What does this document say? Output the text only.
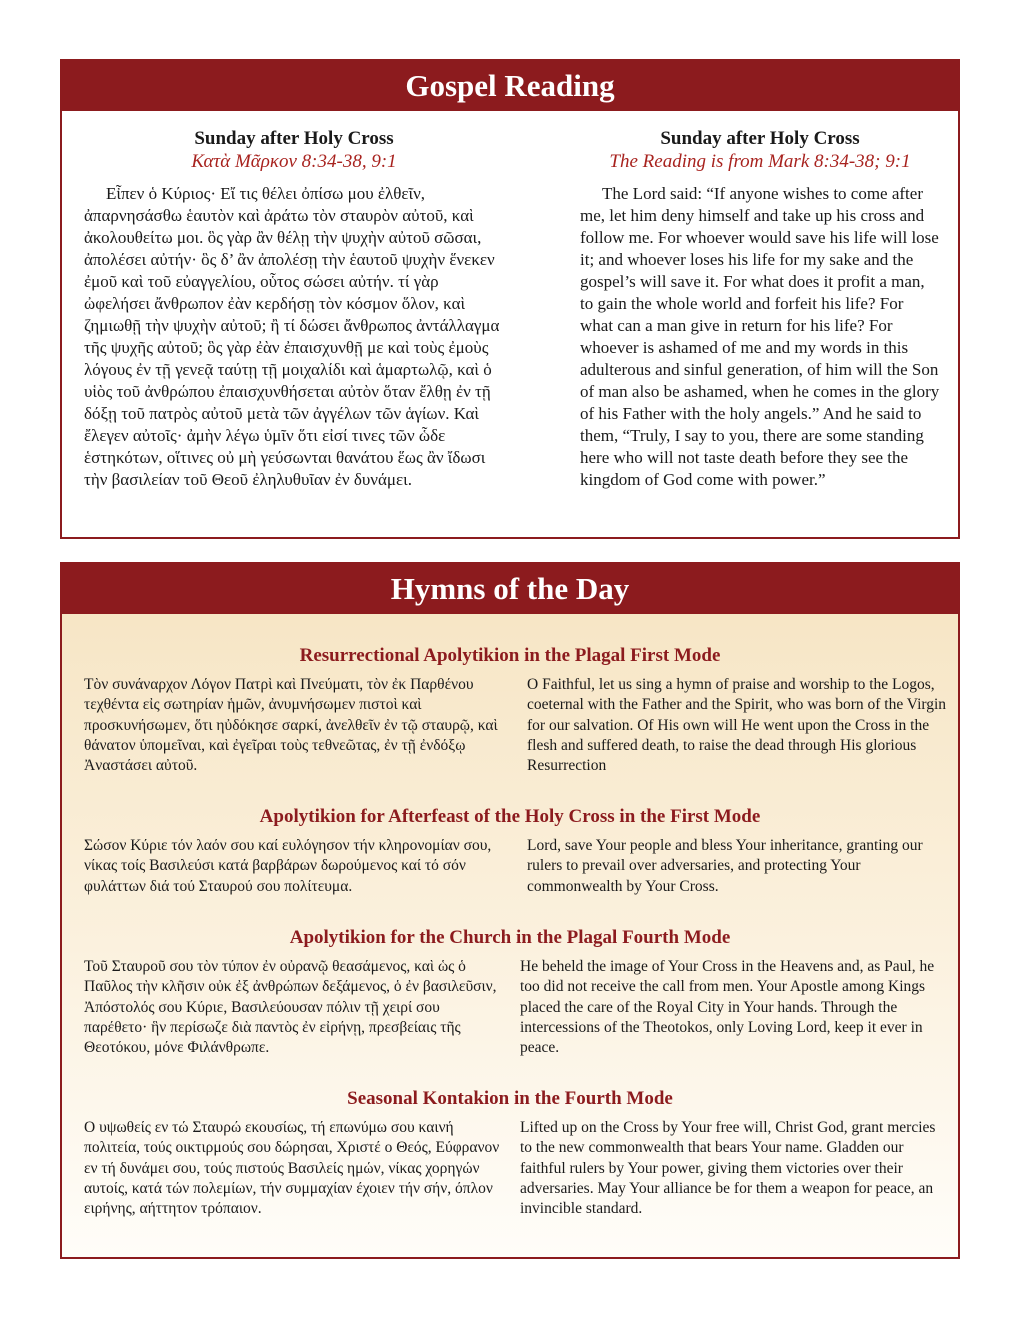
Gospel Reading
Sunday after Holy Cross
Κατὰ Μᾶρκον 8:34-38, 9:1
Εἶπεν ὁ Κύριος· Εἴ τις θέλει ὀπίσω μου ἐλθεῖν, ἀπαρνησάσθω ἑαυτὸν καὶ ἀράτω τὸν σταυρὸν αὐτοῦ, καὶ ἀκολουθείτω μοι. ὃς γὰρ ἂν θέλῃ τὴν ψυχὴν αὐτοῦ σῶσαι, ἀπολέσει αὐτήν· ὃς δ’ ἂν ἀπολέσῃ τὴν ἑαυτοῦ ψυχὴν ἕνεκεν ἐμοῦ καὶ τοῦ εὐαγγελίου, οὗτος σώσει αὐτήν. τί γὰρ ὠφελήσει ἄνθρωπον ἐὰν κερδήσῃ τὸν κόσμον ὅλον, καὶ ζημιωθῇ τὴν ψυχὴν αὐτοῦ; ἢ τί δώσει ἄνθρωπος ἀντάλλαγμα τῆς ψυχῆς αὐτοῦ; ὃς γὰρ ἐὰν ἐπαισχυνθῇ με καὶ τοὺς ἐμοὺς λόγους ἐν τῇ γενεᾷ ταύτῃ τῇ μοιχαλίδι καὶ ἁμαρτωλῷ, καὶ ὁ υἱὸς τοῦ ἀνθρώπου ἐπαισχυνθήσεται αὐτὸν ὅταν ἔλθῃ ἐν τῇ δόξῃ τοῦ πατρὸς αὐτοῦ μετὰ τῶν ἀγγέλων τῶν ἁγίων. Καὶ ἔλεγεν αὐτοῖς· ἀμὴν λέγω ὑμῖν ὅτι εἰσί τινες τῶν ὧδε ἑστηκότων, οἵτινες οὐ μὴ γεύσωνται θανάτου ἕως ἂν ἴδωσι τὴν βασιλείαν τοῦ Θεοῦ ἐληλυθυῖαν ἐν δυνάμει.
Sunday after Holy Cross
The Reading is from Mark 8:34-38; 9:1
The Lord said: “If anyone wishes to come after me, let him deny himself and take up his cross and follow me. For whoever would save his life will lose it; and whoever loses his life for my sake and the gospel’s will save it. For what does it profit a man, to gain the whole world and forfeit his life? For what can a man give in return for his life? For whoever is ashamed of me and my words in this adulterous and sinful generation, of him will the Son of man also be ashamed, when he comes in the glory of his Father with the holy angels.” And he said to them, “Truly, I say to you, there are some standing here who will not taste death before they see the kingdom of God come with power.”
Hymns of the Day
Resurrectional Apolytikion in the Plagal First Mode
Τὸν συνάναρχον Λόγον Πατρὶ καὶ Πνεύματι, τὸν ἐκ Παρθένου τεχθέντα εἰς σωτηρίαν ἡμῶν, ἀνυμνήσωμεν πιστοὶ καὶ προσκυνήσωμεν, ὅτι ηὐδόκησε σαρκί, ἀνελθεῖν ἐν τῷ σταυρῷ, καὶ θάνατον ὑπομεῖναι, καὶ ἐγεῖραι τοὺς τεθνεῶτας, ἐν τῇ ἐνδόξῳ Ἀναστάσει αὐτοῦ.
O Faithful, let us sing a hymn of praise and worship to the Logos, coeternal with the Father and the Spirit, who was born of the Virgin for our salvation. Of His own will He went upon the Cross in the flesh and suffered death, to raise the dead through His glorious Resurrection
Apolytikion for Afterfeast of the Holy Cross in the First Mode
Σώσον Κύριε τόν λαόν σου καί ευλόγησον τήν κληρονομίαν σου, νίκας τοίς Βασιλεύσι κατά βαρβάρων δωρούμενος καί τό σόν φυλάττων διά τού Σταυρού σου πολίτευμα.
Lord, save Your people and bless Your inheritance, granting our rulers to prevail over adversaries, and protecting Your commonwealth by Your Cross.
Apolytikion for the Church in the Plagal Fourth Mode
Τοῦ Σταυροῦ σου τὸν τύπον ἐν οὐρανῷ θεασάμενος, καὶ ὡς ὁ Παῦλος τὴν κλῆσιν οὐκ ἐξ ἀνθρώπων δεξάμενος, ὁ ἐν βασιλεῦσιν, Ἀπόστολός σου Κύριε, Βασιλεύουσαν πόλιν τῇ χειρί σου παρέθετο· ἣν περίσωζε διὰ παντὸς ἐν εἰρήνῃ, πρεσβείαις τῆς Θεοτόκου, μόνε Φιλάνθρωπε.
He beheld the image of Your Cross in the Heavens and, as Paul, he too did not receive the call from men. Your Apostle among Kings placed the care of the Royal City in Your hands. Through the intercessions of the Theotokos, only Loving Lord, keep it ever in peace.
Seasonal Kontakion in the Fourth Mode
Ο υψωθείς εν τώ Σταυρώ εκουσίως, τή επωνύμω σου καινή πολιτεία, τούς οικτιρμούς σου δώρησαι, Χριστέ ο Θεός, Εύφρανον εν τή δυνάμει σου, τούς πιστούς Βασιλείς ημών, νίκας χορηγών αυτοίς, κατά τών πολεμίων, τήν συμμαχίαν έχοιεν τήν σήν, όπλον ειρήνης, αήττητον τρόπαιον.
Lifted up on the Cross by Your free will, Christ God, grant mercies to the new commonwealth that bears Your name. Gladden our faithful rulers by Your power, giving them victories over their adversaries. May Your alliance be for them a weapon for peace, an invincible standard.
